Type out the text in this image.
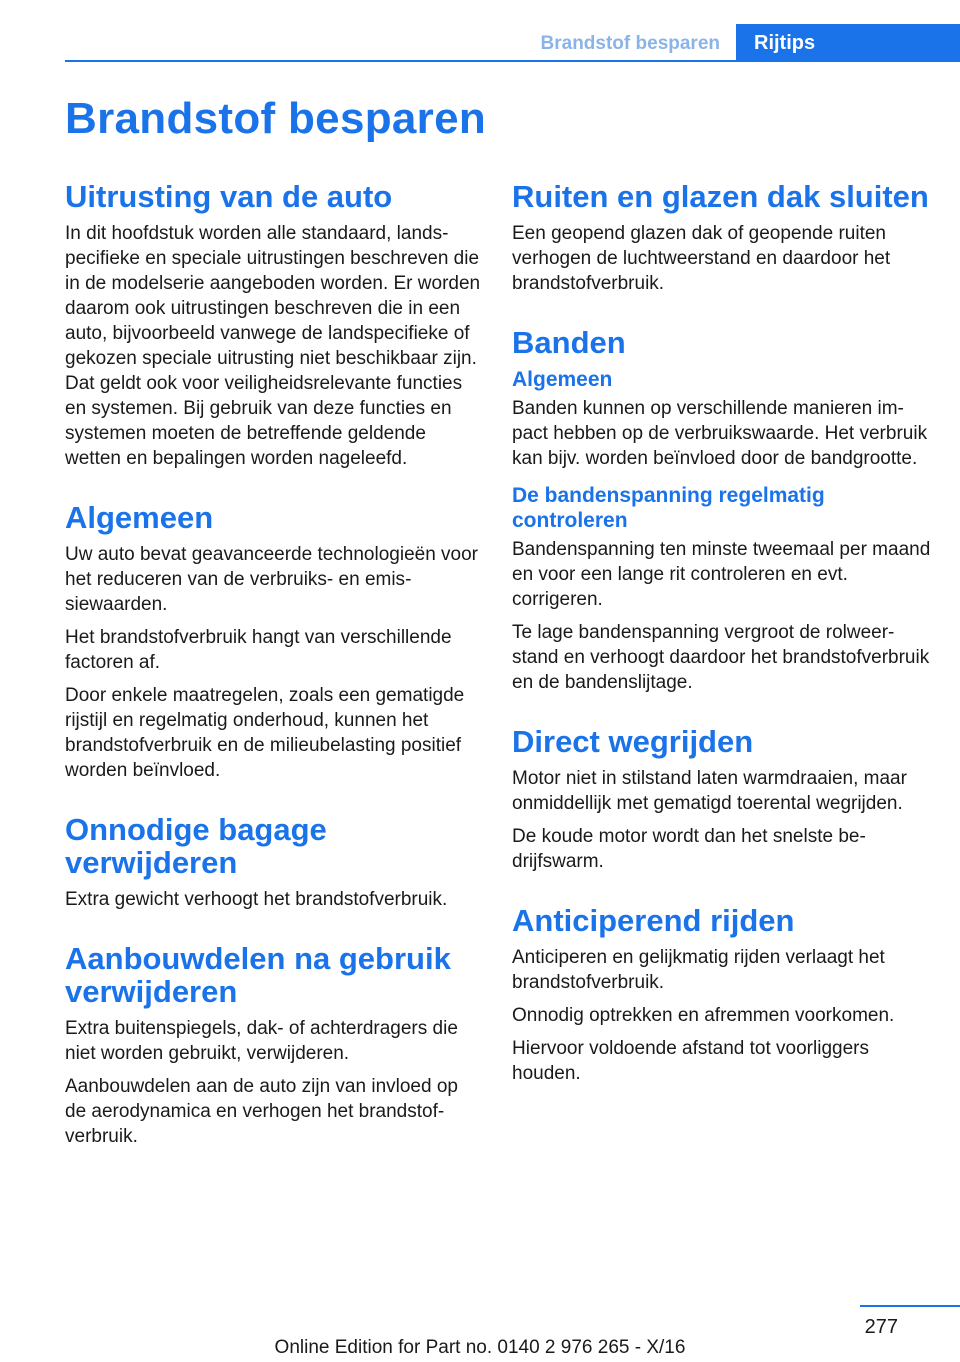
Brandstof besparen	Rijtips
Brandstof besparen
Uitrusting van de auto

In dit hoofdstuk worden alle standaard, landspecifieke en speciale uitrustingen beschreven die in de modelserie aangeboden worden. Er worden daarom ook uitrustingen beschreven die in een auto, bijvoorbeeld vanwege de landspecifieke of gekozen speciale uitrusting niet beschikbaar zijn. Dat geldt ook voor veiligheidsrelevante functies en systemen. Bij gebruik van deze functies en systemen moeten de betreffende geldende wetten en bepalingen worden nageleefd.

Algemeen

Uw auto bevat geavanceerde technologieën voor het reduceren van de verbruiks- en emissiewaarden.

Het brandstofverbruik hangt van verschillende factoren af.

Door enkele maatregelen, zoals een gematigde rijstijl en regelmatig onderhoud, kunnen het brandstofverbruik en de milieubelasting positief worden beïnvloed.

Onnodige bagage verwijderen

Extra gewicht verhoogt het brandstofverbruik.

Aanbouwdelen na gebruik verwijderen

Extra buitenspiegels, dak- of achterdragers die niet worden gebruikt, verwijderen.

Aanbouwdelen aan de auto zijn van invloed op de aerodynamica en verhogen het brandstofverbruik.

Ruiten en glazen dak sluiten

Een geopend glazen dak of geopende ruiten verhogen de luchtweerstand en daardoor het brandstofverbruik.

Banden
Algemeen

Banden kunnen op verschillende manieren impact hebben op de verbruikswaarde. Het verbruik kan bijv. worden beïnvloed door de bandgrootte.

De bandenspanning regelmatig controleren

Bandenspanning ten minste tweemaal per maand en voor een lange rit controleren en evt. corrigeren.

Te lage bandenspanning vergroot de rolweerstand en verhoogt daardoor het brandstofverbruik en de bandenslijtage.

Direct wegrijden

Motor niet in stilstand laten warmdraaien, maar onmiddellijk met gematigd toerental wegrijden.

De koude motor wordt dan het snelste bedrijfswarm.

Anticiperend rijden

Anticiperen en gelijkmatig rijden verlaagt het brandstofverbruik.

Onnodig optrekken en afremmen voorkomen.

Hiervoor voldoende afstand tot voorliggers houden.

277
Online Edition for Part no. 0140 2 976 265 - X/16
